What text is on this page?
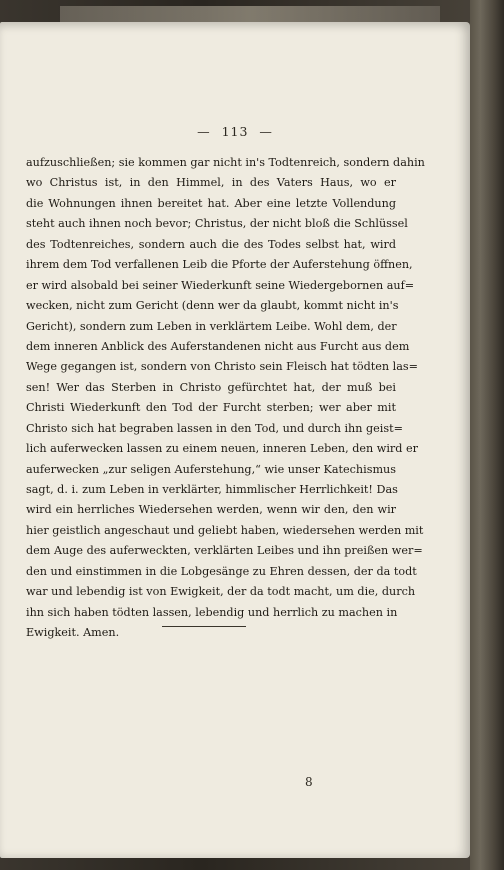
— 113 —
aufzuschließen; sie kommen gar nicht in's Todtenreich, sondern dahin
wo Christus ist, in den Himmel, in des Vaters Haus, wo er
die Wohnungen ihnen bereitet hat. Aber eine letzte Vollendung
steht auch ihnen noch bevor; Christus, der nicht bloß die Schlüssel
des Todtenreiches, sondern auch die des Todes selbst hat, wird
ihrem dem Tod verfallenen Leib die Pforte der Auferstehung öffnen,
er wird alsobald bei seiner Wiederkunft seine Wiedergebornen auf=
wecken, nicht zum Gericht (denn wer da glaubt, kommt nicht in's
Gericht), sondern zum Leben in verklärtem Leibe. Wohl dem, der
dem inneren Anblick des Auferstandenen nicht aus Furcht aus dem
Wege gegangen ist, sondern von Christo sein Fleisch hat tödten las=
sen! Wer das Sterben in Christo gefürchtet hat, der muß bei
Christi Wiederkunft den Tod der Furcht sterben; wer aber mit
Christo sich hat begraben lassen in den Tod, und durch ihn geist=
lich auferwecken lassen zu einem neuen, inneren Leben, den wird er
auferwecken „zur seligen Auferstehung,“ wie unser Katechismus
sagt, d. i. zum Leben in verklärter, himmlischer Herrlichkeit! Das
wird ein herrliches Wiedersehen werden, wenn wir den, den wir
hier geistlich angeschaut und geliebt haben, wiedersehen werden mit
dem Auge des auferweckten, verklärten Leibes und ihn preißen wer=
den und einstimmen in die Lobgesänge zu Ehren dessen, der da todt
war und lebendig ist von Ewigkeit, der da todt macht, um die, durch
ihn sich haben tödten lassen, lebendig und herrlich zu machen in
Ewigkeit. Amen.
8
